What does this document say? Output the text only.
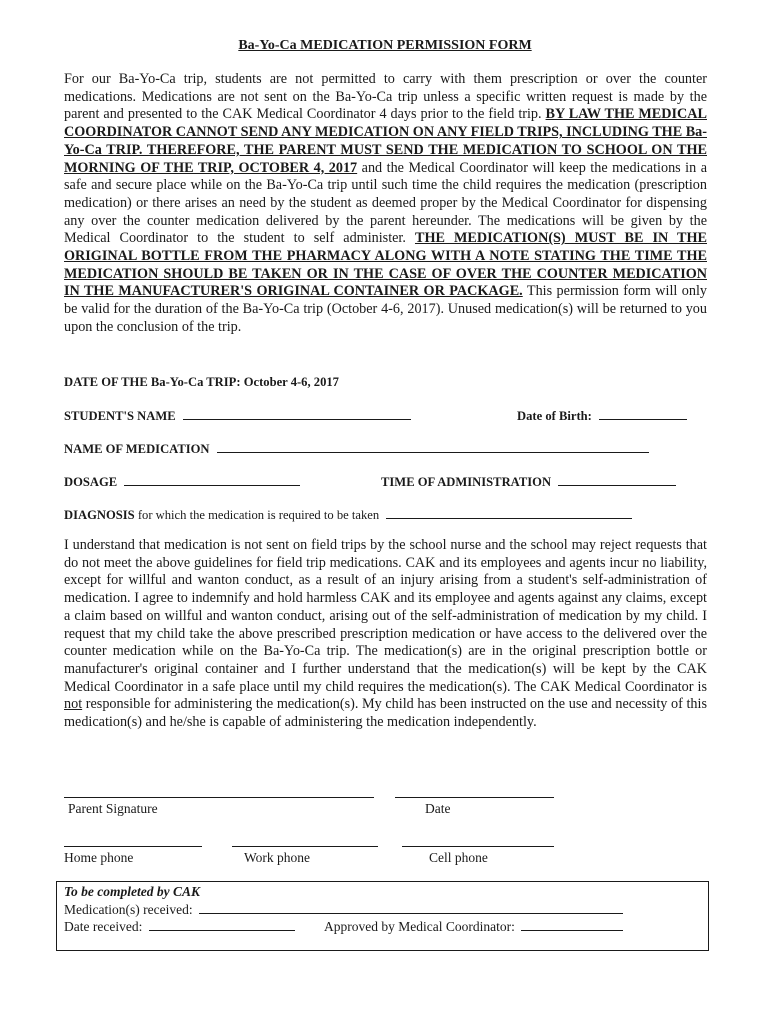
Ba-Yo-Ca MEDICATION PERMISSION FORM
For our Ba-Yo-Ca trip, students are not permitted to carry with them prescription or over the counter medications. Medications are not sent on the Ba-Yo-Ca trip unless a specific written request is made by the parent and presented to the CAK Medical Coordinator 4 days prior to the field trip. BY LAW THE MEDICAL COORDINATOR CANNOT SEND ANY MEDICATION ON ANY FIELD TRIPS, INCLUDING THE Ba-Yo-Ca TRIP. THEREFORE, THE PARENT MUST SEND THE MEDICATION TO SCHOOL ON THE MORNING OF THE TRIP, OCTOBER 4, 2017 and the Medical Coordinator will keep the medications in a safe and secure place while on the Ba-Yo-Ca trip until such time the child requires the medication (prescription medication) or there arises an need by the student as deemed proper by the Medical Coordinator for dispensing any over the counter medication delivered by the parent hereunder. The medications will be given by the Medical Coordinator to the student to self administer. THE MEDICATION(S) MUST BE IN THE ORIGINAL BOTTLE FROM THE PHARMACY ALONG WITH A NOTE STATING THE TIME THE MEDICATION SHOULD BE TAKEN OR IN THE CASE OF OVER THE COUNTER MEDICATION IN THE MANUFACTURER'S ORIGINAL CONTAINER OR PACKAGE. This permission form will only be valid for the duration of the Ba-Yo-Ca trip (October 4-6, 2017). Unused medication(s) will be returned to you upon the conclusion of the trip.
DATE OF THE Ba-Yo-Ca TRIP: October 4-6, 2017
STUDENT'S NAME	Date of Birth:
NAME OF MEDICATION
DOSAGE	TIME OF ADMINISTRATION
DIAGNOSIS for which the medication is required to be taken
I understand that medication is not sent on field trips by the school nurse and the school may reject requests that do not meet the above guidelines for field trip medications. CAK and its employees and agents incur no liability, except for willful and wanton conduct, as a result of an injury arising from a student's self-administration of medication. I agree to indemnify and hold harmless CAK and its employee and agents against any claims, except a claim based on willful and wanton conduct, arising out of the self-administration of medication by my child. I request that my child take the above prescribed prescription medication or have access to the delivered over the counter medication while on the Ba-Yo-Ca trip. The medication(s) are in the original prescription bottle or manufacturer's original container and I further understand that the medication(s) will be kept by the CAK Medical Coordinator in a safe place until my child requires the medication(s). The CAK Medical Coordinator is not responsible for administering the medication(s). My child has been instructed on the use and necessity of this medication(s) and he/she is capable of administering the medication independently.
Parent Signature	Date
Home phone	Work phone	Cell phone
To be completed by CAK
Medication(s) received:
Date received:	Approved by Medical Coordinator:
